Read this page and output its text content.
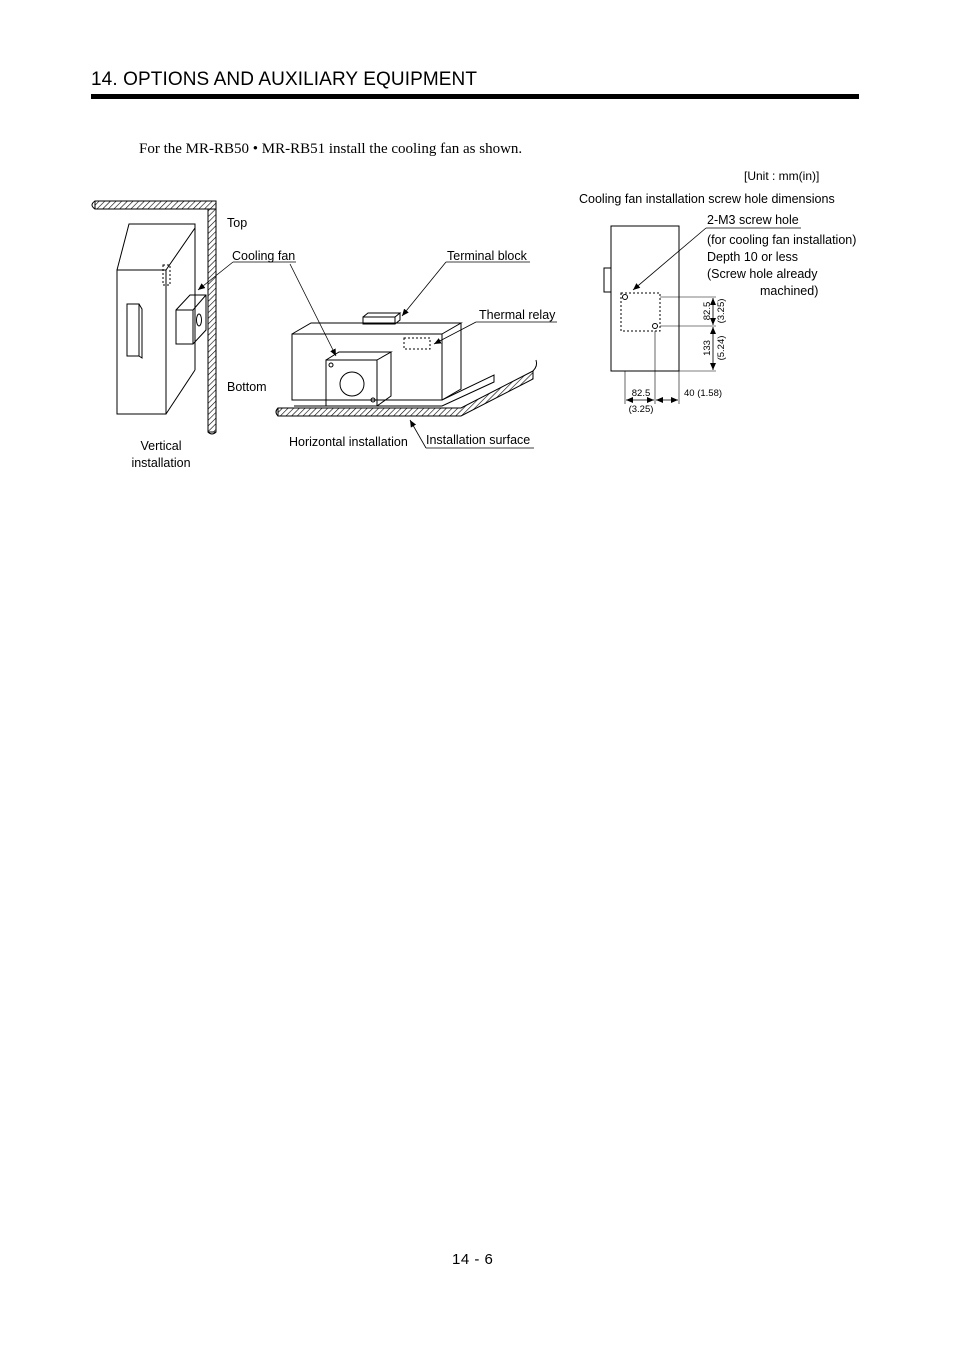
14. OPTIONS AND AUXILIARY EQUIPMENT
For the MR-RB50 • MR-RB51 install the cooling fan as shown.
[Unit : mm(in)]
Top
Cooling fan
Bottom
Vertical
installation
Terminal block
Thermal relay
Horizontal installation Installation surface
Cooling fan installation screw hole dimensions
2-M3 screw hole
(for cooling fan installation)
Depth 10 or less
(Screw hole already
machined)
82.5 (3.25)
133 (5.24)
82.5
(3.25)
40 (1.58)
14 - 6
